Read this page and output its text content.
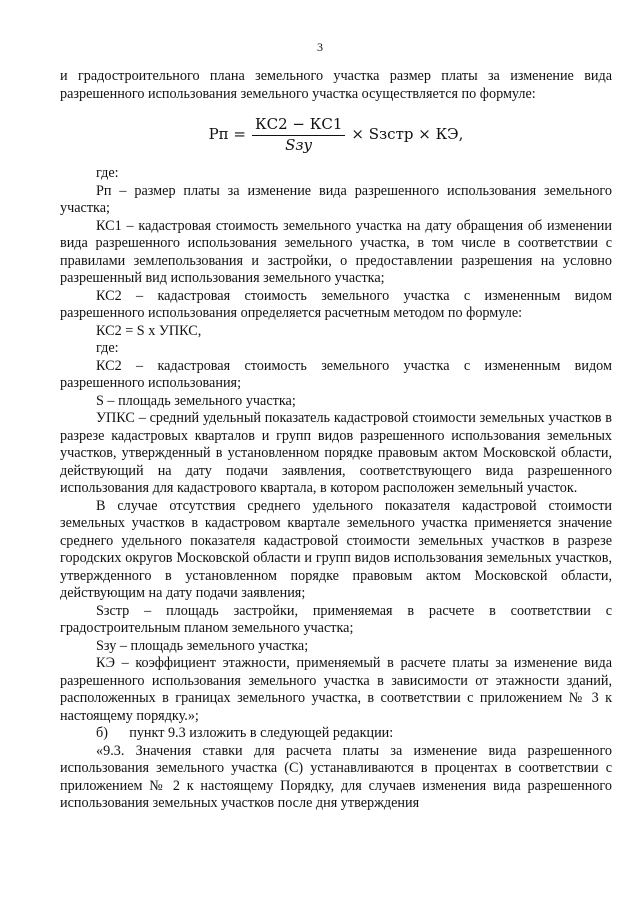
3

и градостроительного плана земельного участка размер платы за изменение вида разрешенного использования земельного участка осуществляется по формуле:

Рп = $\frac{КС2 - КС1}{\text{Sзу}}$ × Sзстр × КЭ,

где:

Рп – размер платы за изменение вида разрешенного использования земельного участка;

КС1 – кадастровая стоимость земельного участка на дату обращения об изменении вида разрешенного использования земельного участка, в том числе в соответствии с правилами землепользования и застройки, о предоставлении разрешения на условно разрешенный вид использования земельного участка;

КС2 – кадастровая стоимость земельного участка с измененным видом разрешенного использования определяется расчетным методом по формуле:

КС2 = S x УПКС,

где:

КС2 – кадастровая стоимость земельного участка с измененным видом разрешенного использования;

S – площадь земельного участка;

УПКС – средний удельный показатель кадастровой стоимости земельных участков в разрезе кадастровых кварталов и групп видов разрешенного использования земельных участков, утвержденный в установленном порядке правовым актом Московской области, действующий на дату подачи заявления, соответствующего вида разрешенного использования для кадастрового квартала, в котором расположен земельный участок.

В случае отсутствия среднего удельного показателя кадастровой стоимости земельных участков в кадастровом квартале земельного участка применяется значение среднего удельного показателя кадастровой стоимости земельных участков в разрезе городских округов Московской области и групп видов использования земельных участков, утвержденного в установленном порядке правовым актом Московской области, действующим на дату подачи заявления;

Sзстр – площадь застройки, применяемая в расчете в соответствии с градостроительным планом земельного участка;

Sзу – площадь земельного участка;

КЭ – коэффициент этажности, применяемый в расчете платы за изменение вида разрешенного использования земельного участка в зависимости от этажности зданий, расположенных в границах земельного участка, в соответствии с приложением № 3 к настоящему порядку.»;

б)      пункт 9.3 изложить в следующей редакции:

«9.3. Значения ставки для расчета платы за изменение вида разрешенного использования земельного участка (С) устанавливаются в процентах в соответствии с приложением № 2 к настоящему Порядку, для случаев изменения вида разрешенного использования земельных участков после дня утверждения
